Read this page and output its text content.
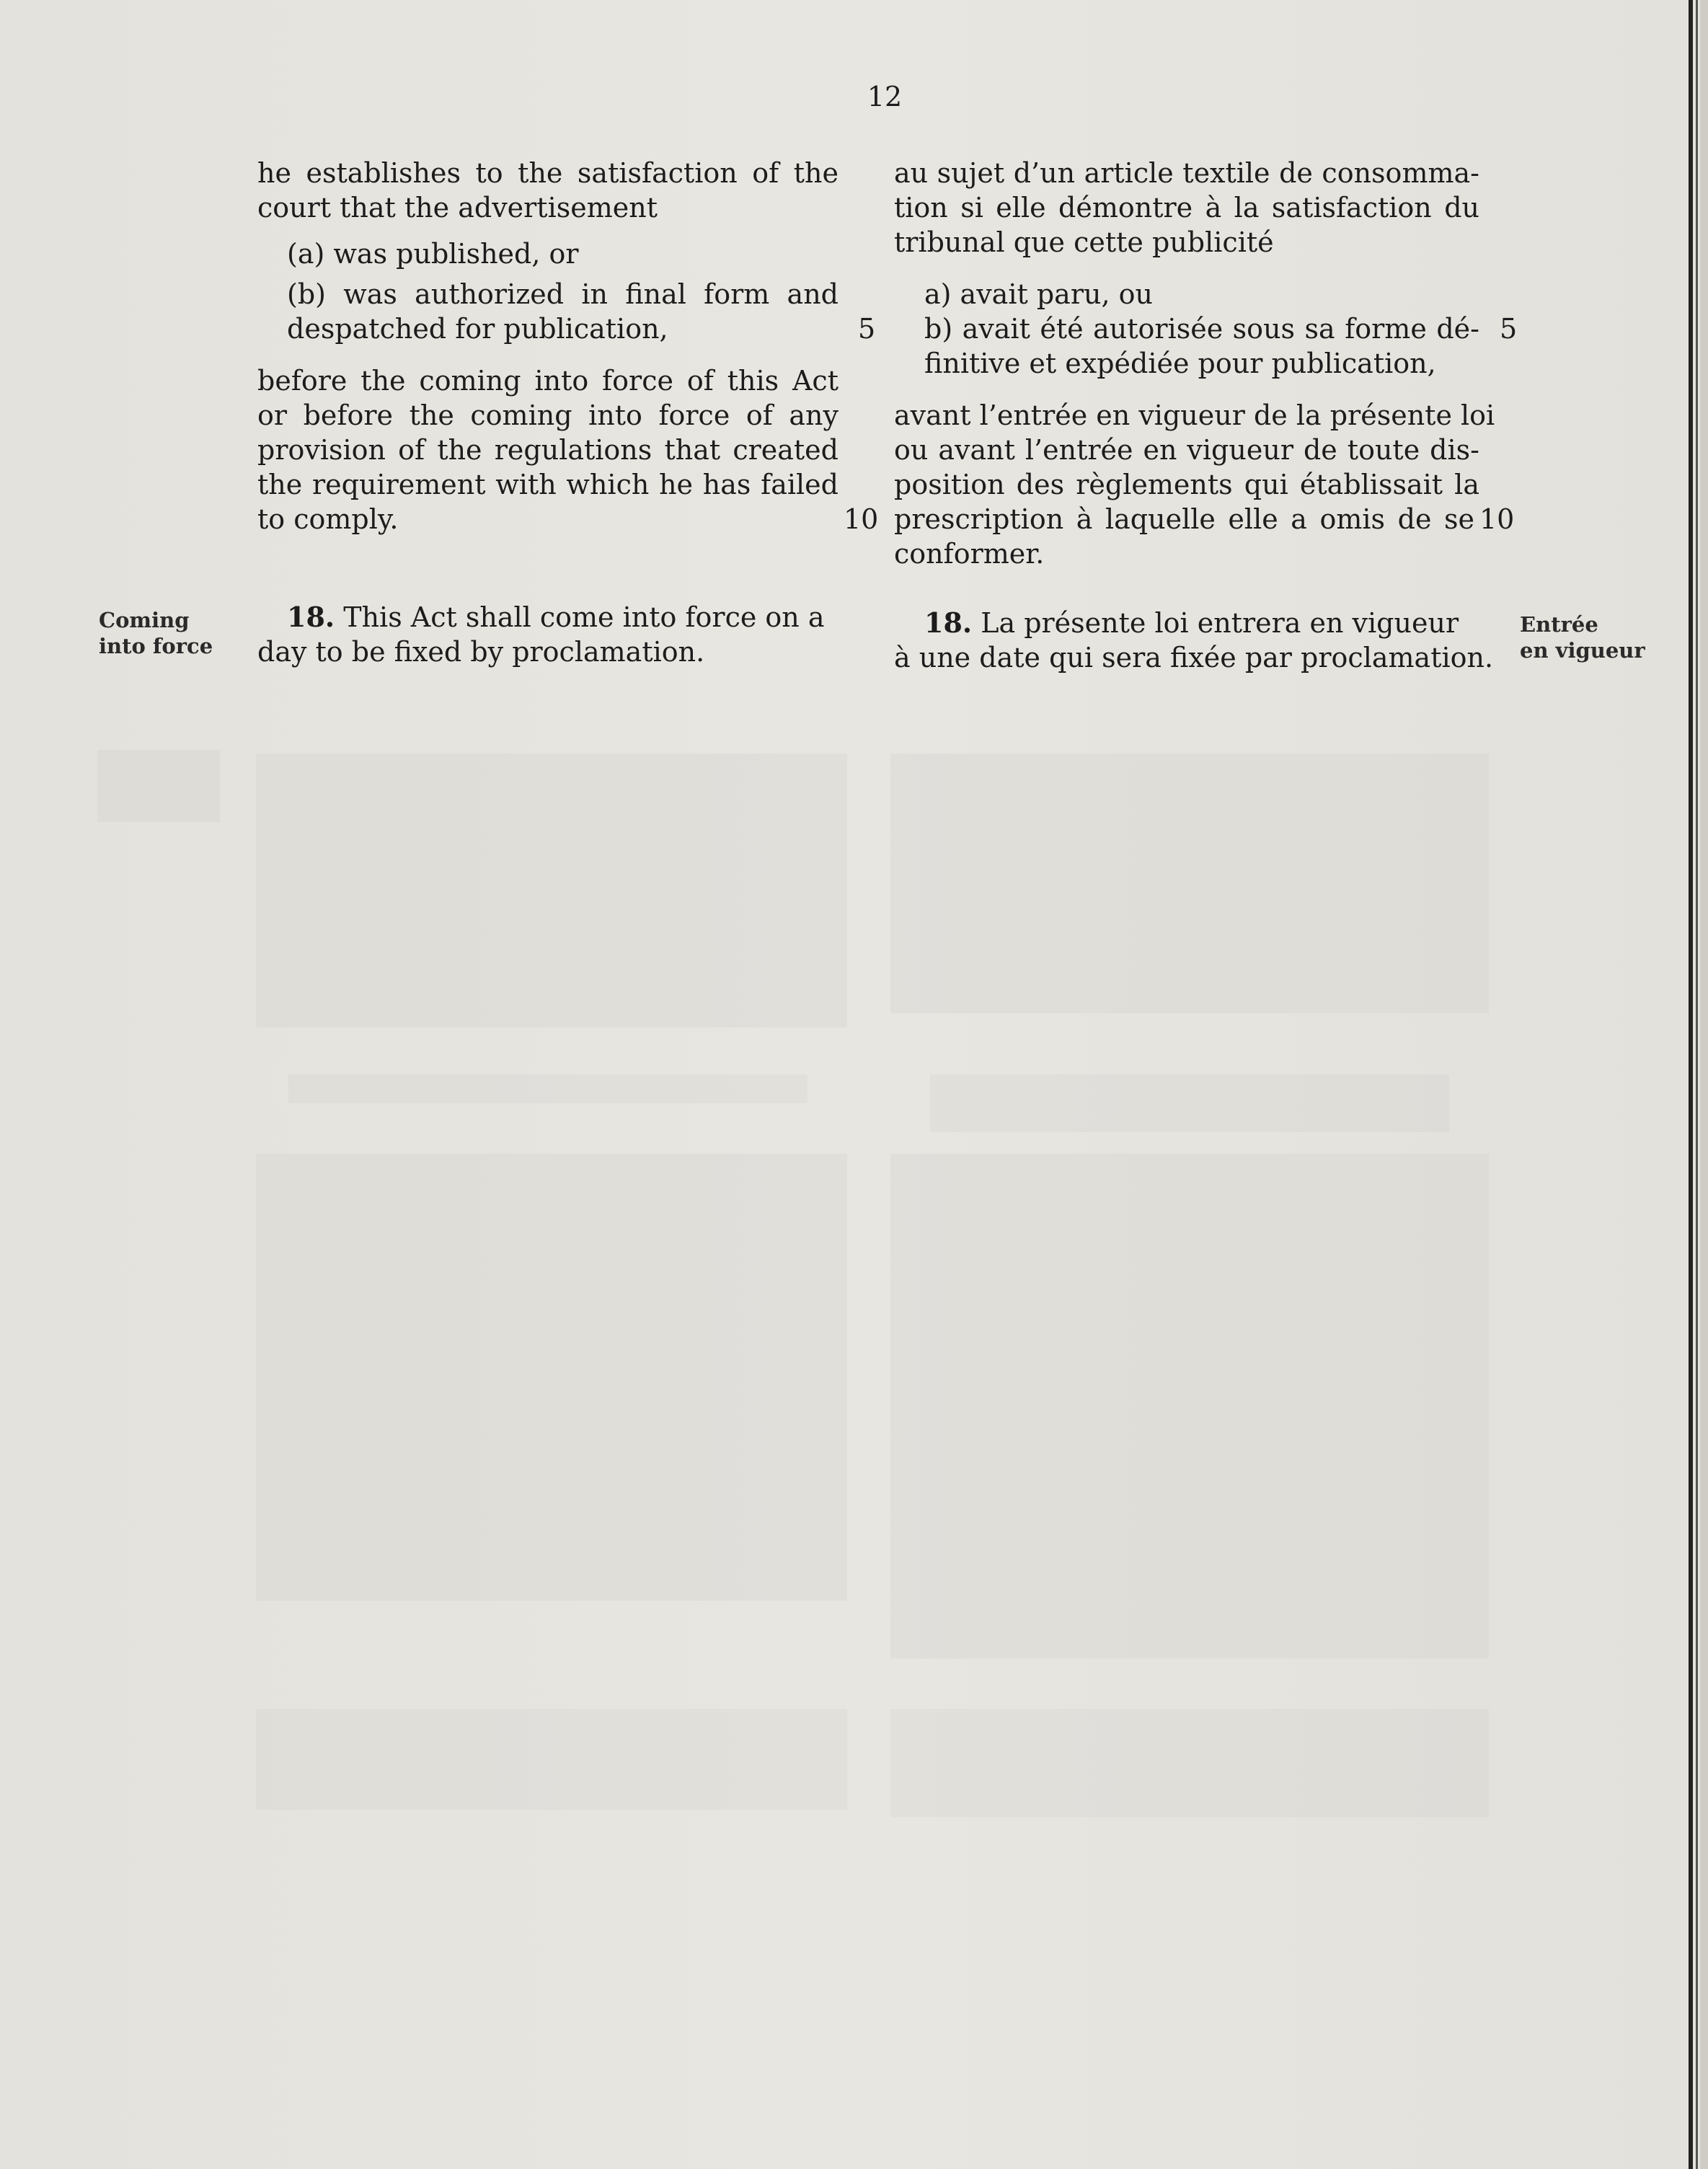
12
he establishes to the satisfaction of the
court that the advertisement
(a) was published, or
(b) was authorized in final form and
despatched for publication,
before the coming into force of this Act
or before the coming into force of any
provision of the regulations that created
the requirement with which he has failed
to comply.
18. This Act shall come into force on a
day to be fixed by proclamation.
Coming
into force
5
10
5
10
au sujet d’un article textile de consomma-
tion si elle démontre à la satisfaction du
tribunal que cette publicité
a) avait paru, ou
b) avait été autorisée sous sa forme dé-
finitive et expédiée pour publication,
avant l’entrée en vigueur de la présente loi
ou avant l’entrée en vigueur de toute dis-
position des règlements qui établissait la
prescription à laquelle elle a omis de se
conformer.
18. La présente loi entrera en vigueur
à une date qui sera fixée par proclamation.
Entrée
en vigueur
